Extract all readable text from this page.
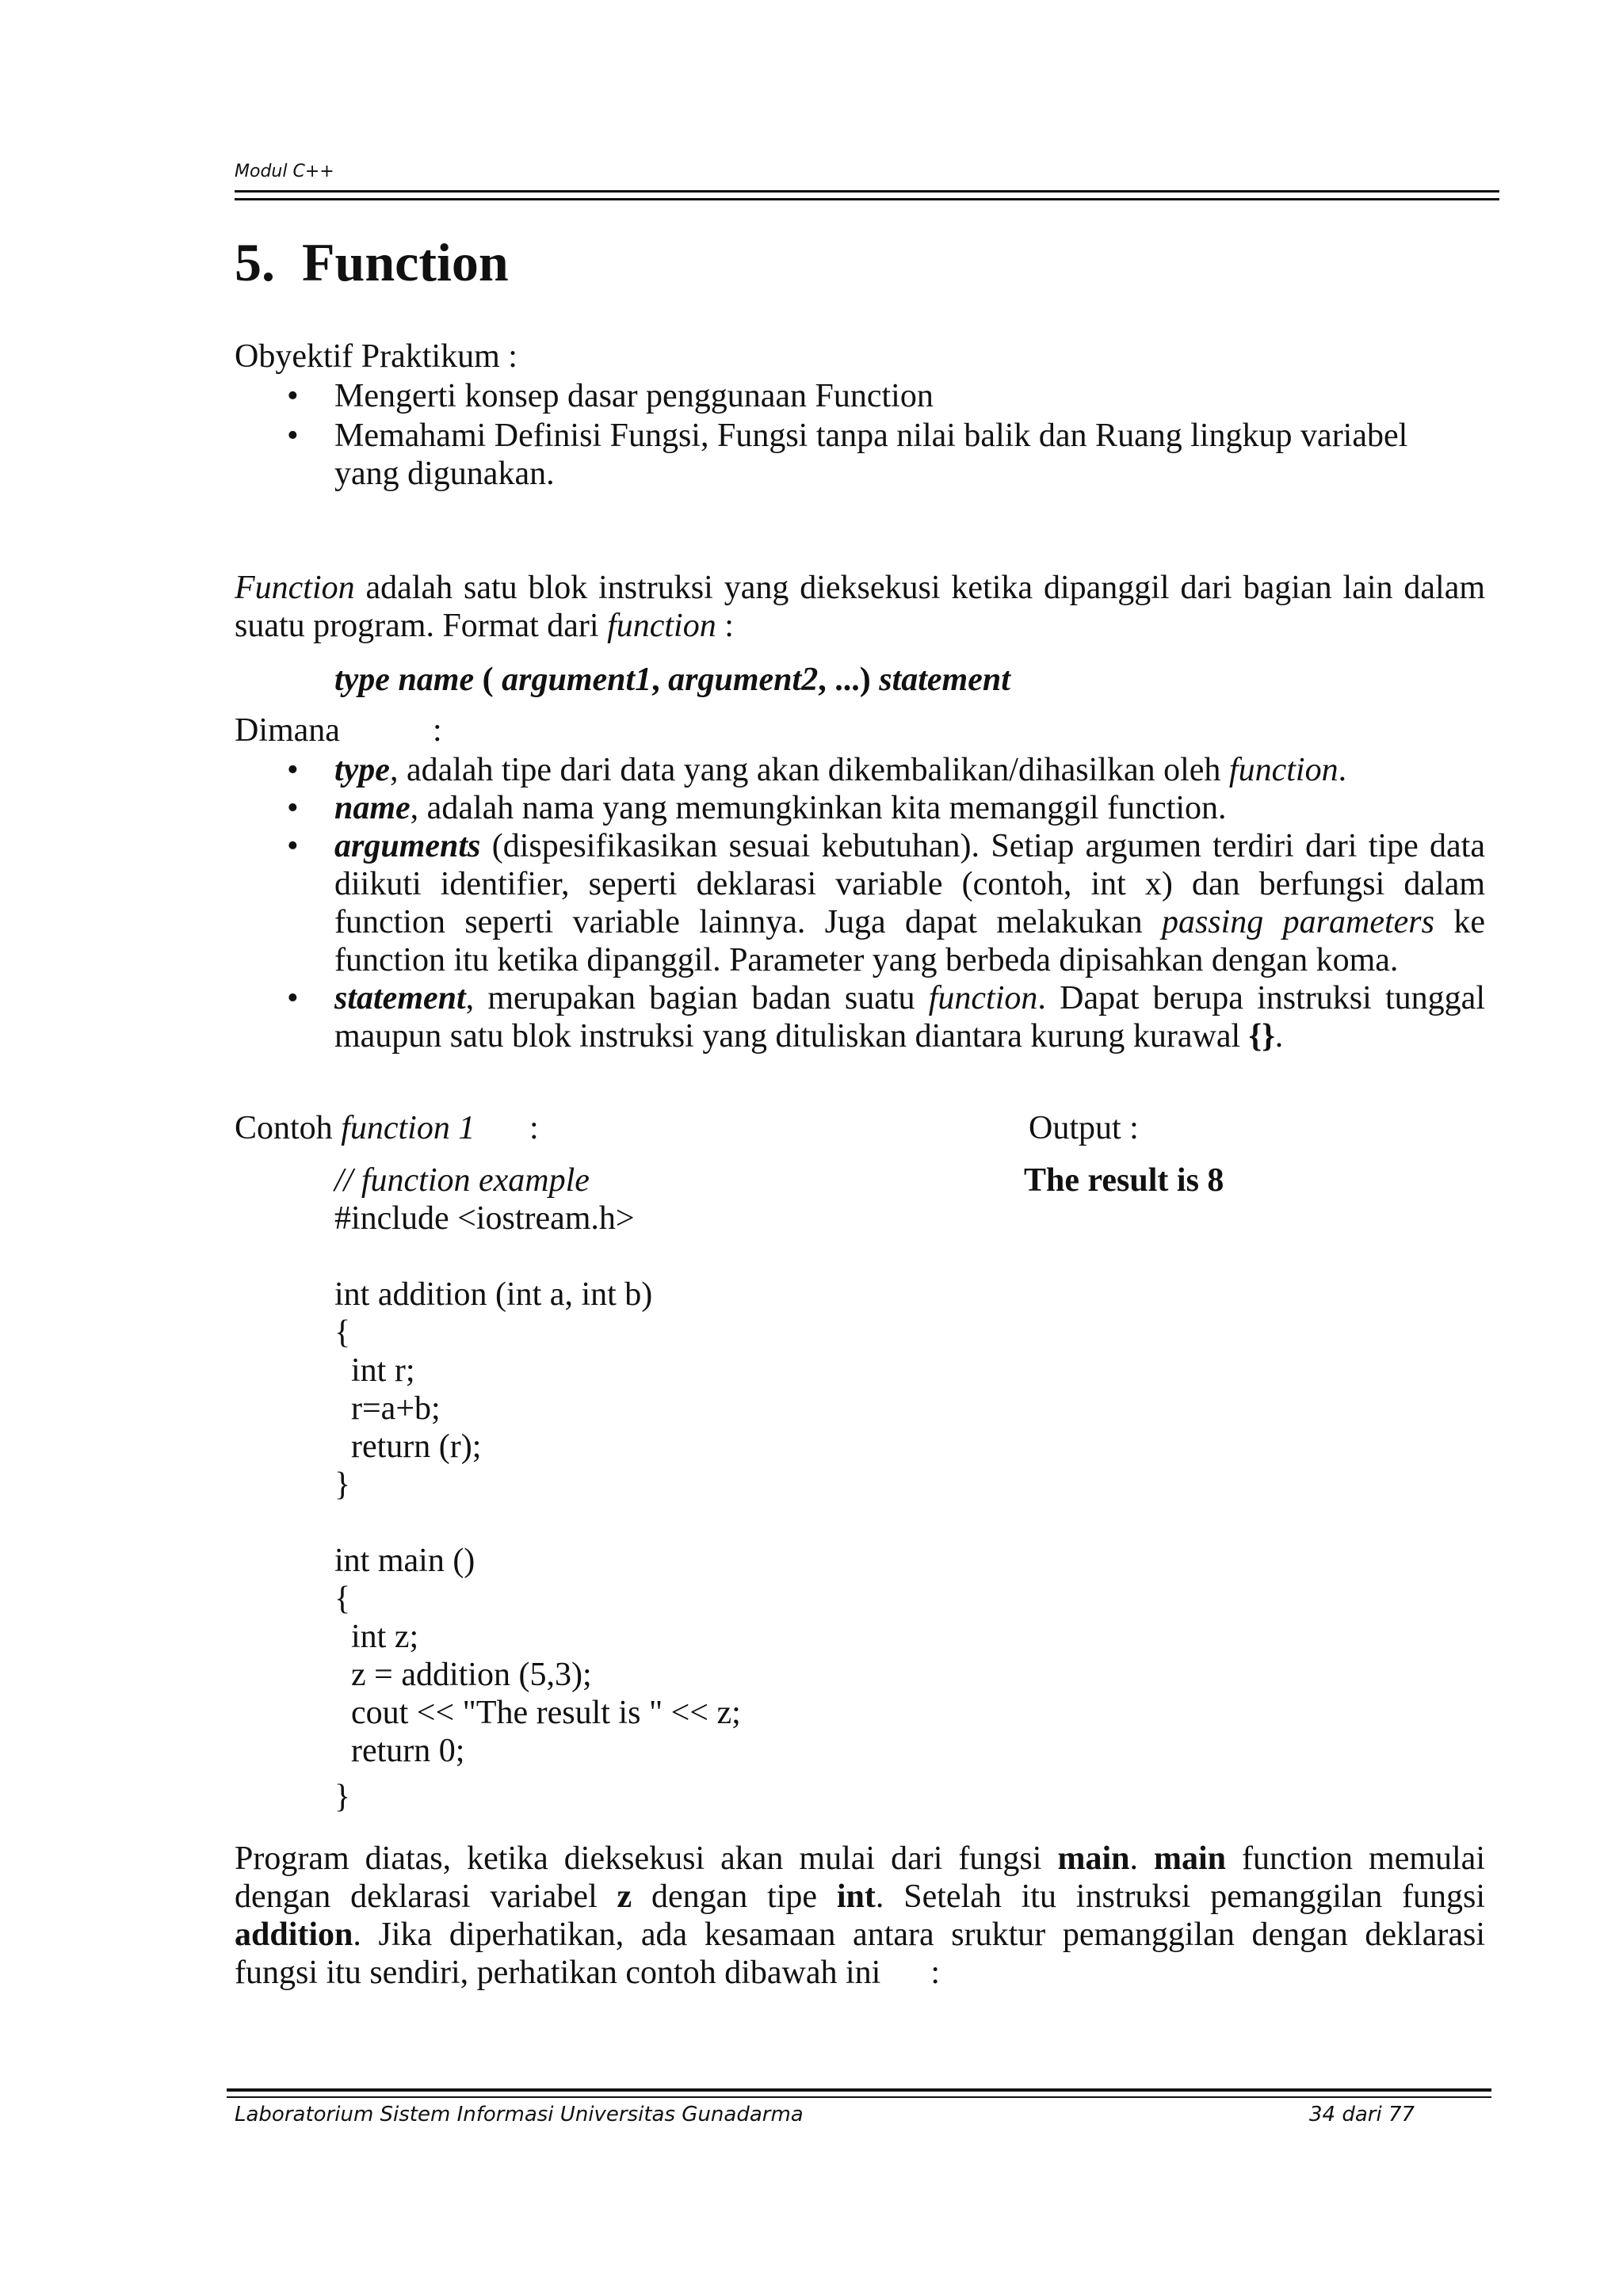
Modul C++
5. Function
Obyektif Praktikum :
• Mengerti konsep dasar penggunaan Function
• Memahami Definisi Fungsi, Fungsi tanpa nilai balik dan Ruang lingkup variabel yang digunakan.

Function adalah satu blok instruksi yang dieksekusi ketika dipanggil dari bagian lain dalam suatu program. Format dari function :

type name ( argument1, argument2, ...) statement
Dimana	:
• type, adalah tipe dari data yang akan dikembalikan/dihasilkan oleh function.
• name, adalah nama yang memungkinkan kita memanggil function.
• arguments (dispesifikasikan sesuai kebutuhan). Setiap argumen terdiri dari tipe data diikuti identifier, seperti deklarasi variable (contoh, int x) dan berfungsi dalam function seperti variable lainnya. Juga dapat melakukan passing parameters ke function itu ketika dipanggil. Parameter yang berbeda dipisahkan dengan koma.
• statement, merupakan bagian badan suatu function. Dapat berupa instruksi tunggal maupun satu blok instruksi yang dituliskan diantara kurung kurawal {}.
Contoh function 1 :	Output :
The result is 8
// function example
#include <iostream.h>
int addition (int a, int b)
{
int r;
r=a+b;
return (r);
}
int main ()
{
int z;
z = addition (5,3);
cout << "The result is " << z;
return 0;
}

Program diatas, ketika dieksekusi akan mulai dari fungsi main. main function memulai dengan deklarasi variabel z dengan tipe int. Setelah itu instruksi pemanggilan fungsi addition. Jika diperhatikan, ada kesamaan antara sruktur pemanggilan dengan deklarasi fungsi itu sendiri, perhatikan contoh dibawah ini :

Laboratorium Sistem Informasi Universitas Gunadarma	34 dari 77
